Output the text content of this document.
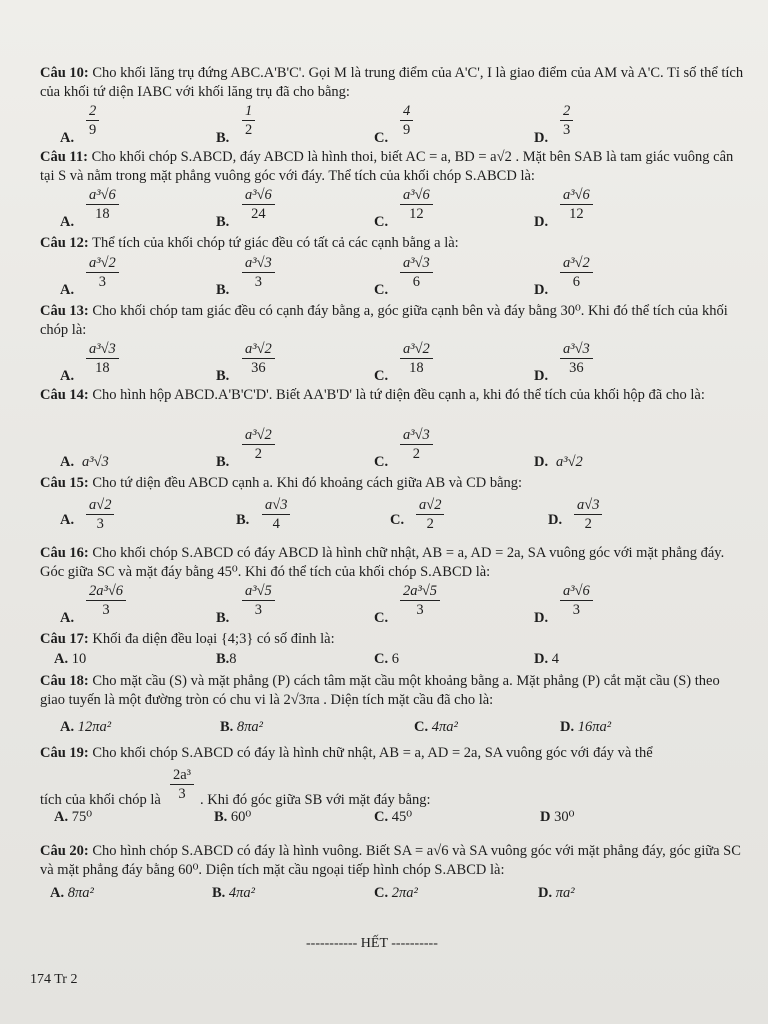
Câu 10: Cho khối lăng trụ đứng ABC.A'B'C'. Gọi M là trung điểm của A'C', I là giao điểm của AM và A'C. Tỉ số thể tích của khối tứ diện IABC với khối lăng trụ đã cho bằng:
A. $\frac{2}{9}$	B. $\frac{1}{2}$	C. $\frac{4}{9}$	D. $\frac{2}{3}$
Câu 11: Cho khối chóp S.ABCD, đáy ABCD là hình thoi, biết AC = a, BD = a√2 . Mặt bên SAB là tam giác vuông cân tại S và nằm trong mặt phẳng vuông góc với đáy. Thể tích của khối chóp S.ABCD là:
A. $\frac{\text{a³√6}}{18}$	B. $\frac{\text{a³√6}}{24}$	C. $\frac{\text{a³√6}}{12}$	D. $\frac{\text{a³√6}}{12}$
Câu 12: Thể tích của khối chóp tứ giác đều có tất cả các cạnh bằng a là:
A. $\frac{\text{a³√2}}{3}$	B. $\frac{\text{a³√3}}{3}$	C. $\frac{\text{a³√3}}{6}$	D. $\frac{\text{a³√2}}{6}$
Câu 13: Cho khối chóp tam giác đều có cạnh đáy bằng a, góc giữa cạnh bên và đáy bằng 30⁰. Khi đó thể tích của khối chóp là:
A. $\frac{\text{a³√3}}{18}$	B. $\frac{\text{a³√2}}{36}$	C. $\frac{\text{a³√2}}{18}$	D. $\frac{\text{a³√3}}{36}$
Câu 14: Cho hình hộp ABCD.A'B'C'D'. Biết AA'B'D' là tứ diện đều cạnh a, khi đó thể tích của khối hộp đã cho là:
A. a³√3	B. $\frac{\text{a³√2}}{2}$	C. $\frac{\text{a³√3}}{2}$	D. a³√2
Câu 15: Cho tứ diện đều ABCD cạnh a. Khi đó khoảng cách giữa AB và CD bằng:
A. $\frac{a√2}{3}$	B. $\frac{a√3}{4}$	C. $\frac{a√2}{2}$	D. $\frac{a√3}{2}$
Câu 16: Cho khối chóp S.ABCD có đáy ABCD là hình chữ nhật, AB = a, AD = 2a, SA vuông góc với mặt phẳng đáy. Góc giữa SC và mặt đáy bằng 45⁰. Khi đó thể tích của khối chóp S.ABCD là:
A. $\frac{\text{2a³√6}}{3}$	B. $\frac{\text{a³√5}}{3}$	C. $\frac{\text{2a³√5}}{3}$	D. $\frac{\text{a³√6}}{3}$
Câu 17: Khối đa diện đều loại {4;3} có số đỉnh là:
A. 10	B.8	C. 6	D. 4
Câu 18: Cho mặt cầu (S) và mặt phẳng (P) cách tâm mặt cầu một khoảng bằng a. Mặt phẳng (P) cắt mặt cầu (S) theo giao tuyến là một đường tròn có chu vi là 2√3πa . Diện tích mặt cầu đã cho là:
A. 12πa²	B. 8πa²	C. 4πa²	D. 16πa²
Câu 19: Cho khối chóp S.ABCD có đáy là hình chữ nhật, AB = a, AD = 2a, SA vuông góc với đáy và thể
tích của khối chóp là $\frac{\text{2a³}}{3}$ . Khi đó góc giữa SB với mặt đáy bằng:
A. 75⁰	B. 60⁰	C. 45⁰	D 30⁰
Câu 20: Cho hình chóp S.ABCD có đáy là hình vuông. Biết SA = a√6 và SA vuông góc với mặt phẳng đáy, góc giữa SC và mặt phẳng đáy bằng 60⁰. Diện tích mặt cầu ngoại tiếp hình chóp S.ABCD là:
A. 8πa²	B. 4πa²	C. 2πa²	D. πa²
----------- HẾT ----------
174 Tr 2
